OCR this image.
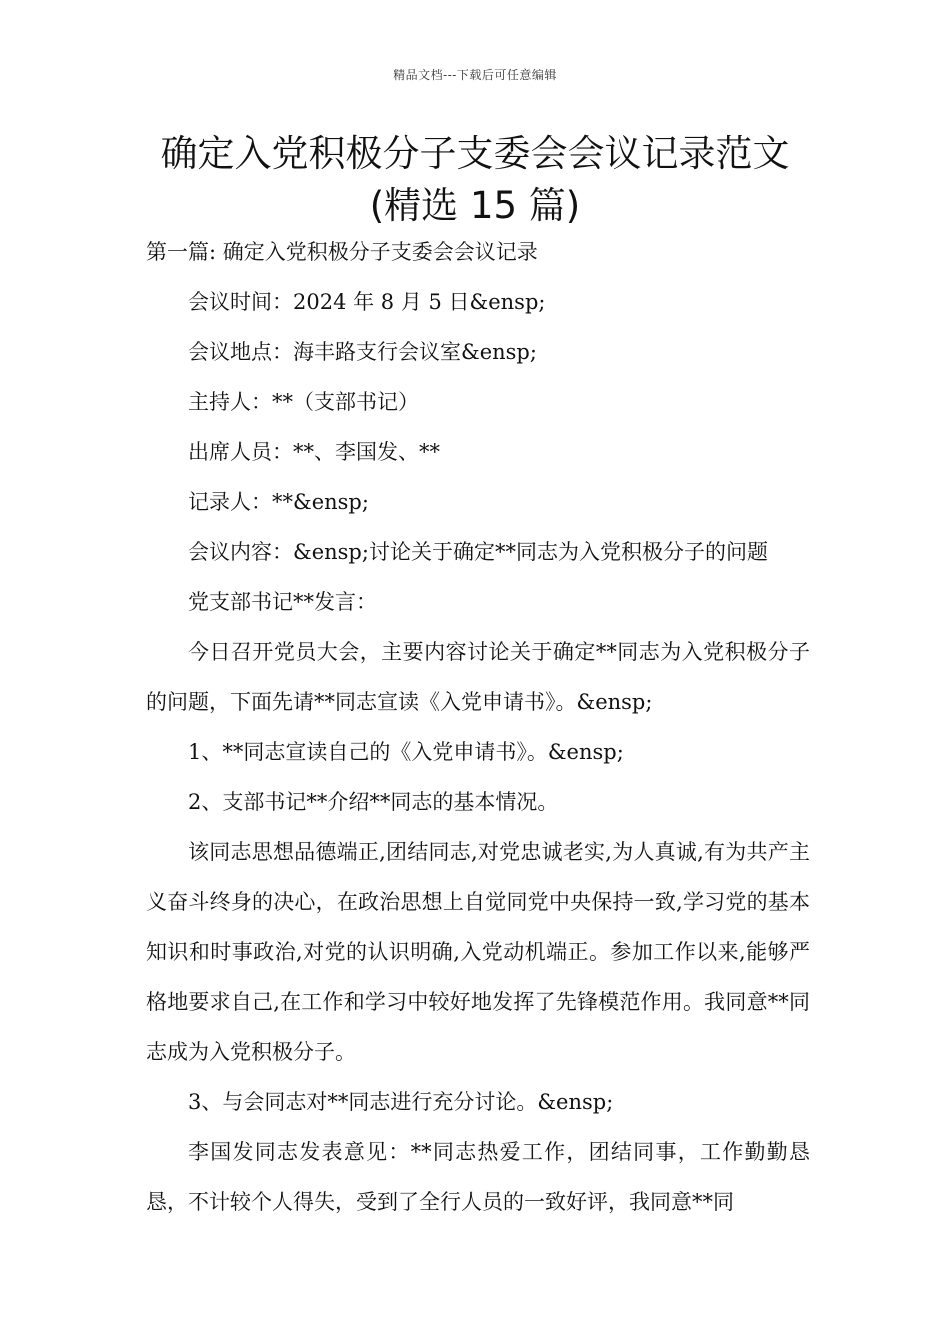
精品文档---下载后可任意编辑
确定入党积极分子支委会会议记录范文
(精选 15 篇)

第一篇: 确定入党积极分子支委会会议记录

会议时间：2024 年 8 月 5 日&ensp;

会议地点：海丰路支行会议室&ensp;

主持人：**（支部书记）

出席人员：**、李国发、**

记录人：**&ensp;

会议内容：&ensp;讨论关于确定**同志为入党积极分子的问题

党支部书记**发言：

今日召开党员大会，主要内容讨论关于确定**同志为入党积极分子的问题，下面先请**同志宣读《入党申请书》。&ensp;

1、**同志宣读自己的《入党申请书》。&ensp;

2、支部书记**介绍**同志的基本情况。

该同志思想品德端正,团结同志,对党忠诚老实,为人真诚,有为共产主义奋斗终身的决心，在政治思想上自觉同党中央保持一致,学习党的基本知识和时事政治,对党的认识明确,入党动机端正。参加工作以来,能够严格地要求自己,在工作和学习中较好地发挥了先锋模范作用。我同意**同志成为入党积极分子。

3、与会同志对**同志进行充分讨论。&ensp;

李国发同志发表意见：**同志热爱工作，团结同事，工作勤勤恳恳，不计较个人得失，受到了全行人员的一致好评，我同意**同
